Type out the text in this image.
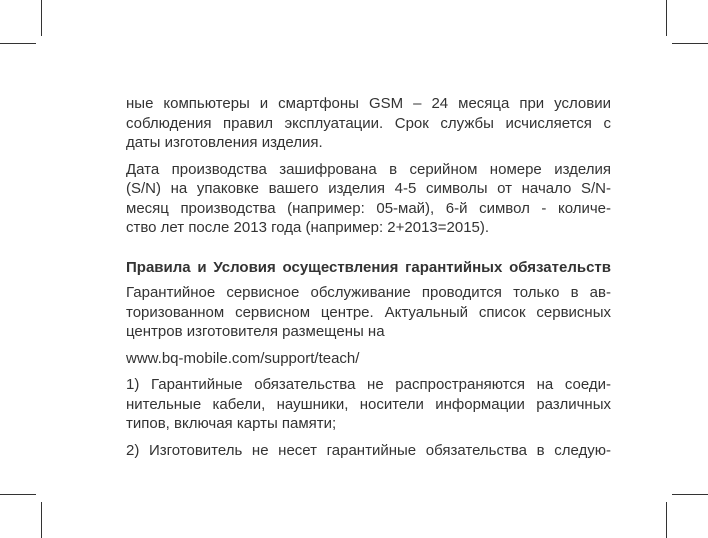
ные компьютеры и смартфоны GSM – 24 месяца при условии
соблюдения правил эксплуатации. Срок службы исчисляется с
даты изготовления изделия.

Дата производства зашифрована в серийном номере изделия
(S/N) на упаковке вашего изделия 4-5 символы от начало S/N-
месяц производства (например: 05-май), 6-й символ - количе-
ство лет после 2013 года (например: 2+2013=2015).

Правила и Условия осуществления гарантийных обязательств

Гарантийное сервисное обслуживание проводится только в ав-
торизованном сервисном центре. Актуальный список сервисных
центров изготовителя размещены на

www.bq-mobile.com/support/teach/

1) Гарантийные обязательства не распространяются на соеди-
нительные кабели, наушники, носители информации различных
типов, включая карты памяти;

2) Изготовитель не несет гарантийные обязательства в следую-
